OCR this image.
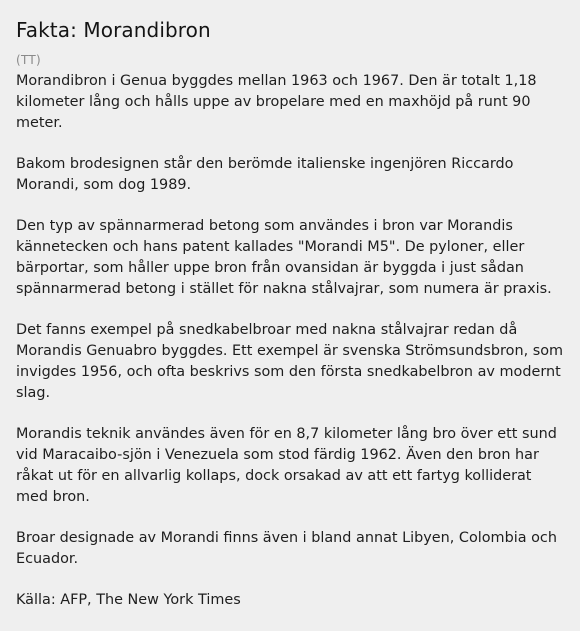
Fakta: Morandibron
(TT)

Morandibron i Genua byggdes mellan 1963 och 1967. Den är totalt 1,18 kilometer lång och hålls uppe av bropelare med en maxhöjd på runt 90 meter.

Bakom brodesignen står den berömde italienske ingenjören Riccardo Morandi, som dog 1989.

Den typ av spännarmerad betong som användes i bron var Morandis kännetecken och hans patent kallades "Morandi M5". De pyloner, eller bärportar, som håller uppe bron från ovansidan är byggda i just sådan spännarmerad betong i stället för nakna stålvajrar, som numera är praxis.

Det fanns exempel på snedkabelbroar med nakna stålvajrar redan då Morandis Genuabro byggdes. Ett exempel är svenska Strömsundsbron, som invigdes 1956, och ofta beskrivs som den första snedkabelbron av modernt slag.

Morandis teknik användes även för en 8,7 kilometer lång bro över ett sund vid Maracaibo-sjön i Venezuela som stod färdig 1962. Även den bron har råkat ut för en allvarlig kollaps, dock orsakad av att ett fartyg kolliderat med bron.

Broar designade av Morandi finns även i bland annat Libyen, Colombia och Ecuador.

Källa: AFP, The New York Times
